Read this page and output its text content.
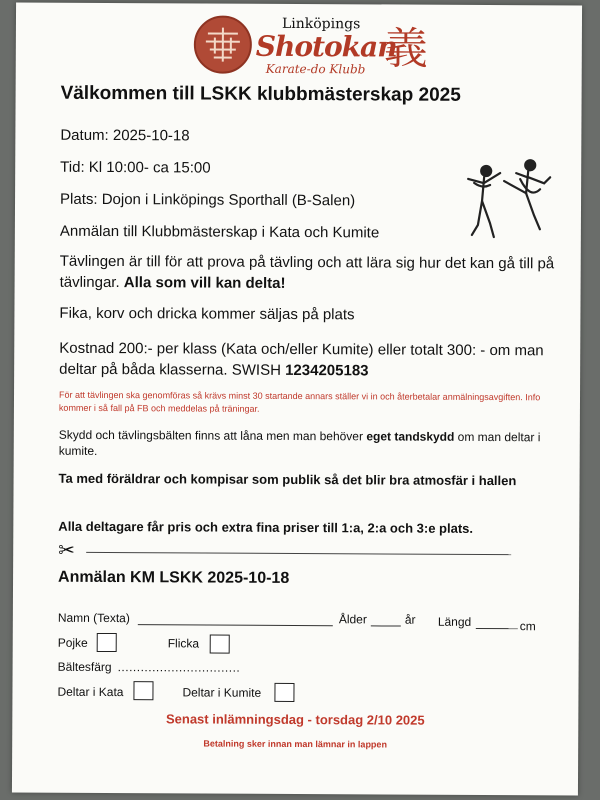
Linköpings
Shotokan
Karate-do Klubb 義
Välkommen till LSKK klubbmästerskap 2025
Datum: 2025-10-18
Tid: Kl 10:00- ca 15:00
Plats: Dojon i Linköpings Sporthall (B-Salen)
Anmälan till Klubbmästerskap i Kata och Kumite
Tävlingen är till för att prova på tävling och att lära sig hur det kan gå till på tävlingar. Alla som vill kan delta!
Fika, korv och dricka kommer säljas på plats
Kostnad 200:- per klass (Kata och/eller Kumite) eller totalt 300: - om man deltar på båda klasserna. SWISH 1234205183
För att tävlingen ska genomföras så krävs minst 30 startande annars ställer vi in och återbetalar anmälningsavgiften. Info kommer i så fall på FB och meddelas på träningar.
Skydd och tävlingsbälten finns att låna men man behöver eget tandskydd om man deltar i kumite.
Ta med föräldrar och kompisar som publik så det blir bra atmosfär i hallen
Alla deltagare får pris och extra fina priser till 1:a, 2:a och 3:e plats.
✂
Anmälan KM LSKK 2025-10-18
Namn (Texta)	Ålder	år Längd	cm
Pojke	Flicka
Bältesfärg ................................
Deltar i Kata	Deltar i Kumite
Senast inlämningsdag - torsdag 2/10 2025
Betalning sker innan man lämnar in lappen
